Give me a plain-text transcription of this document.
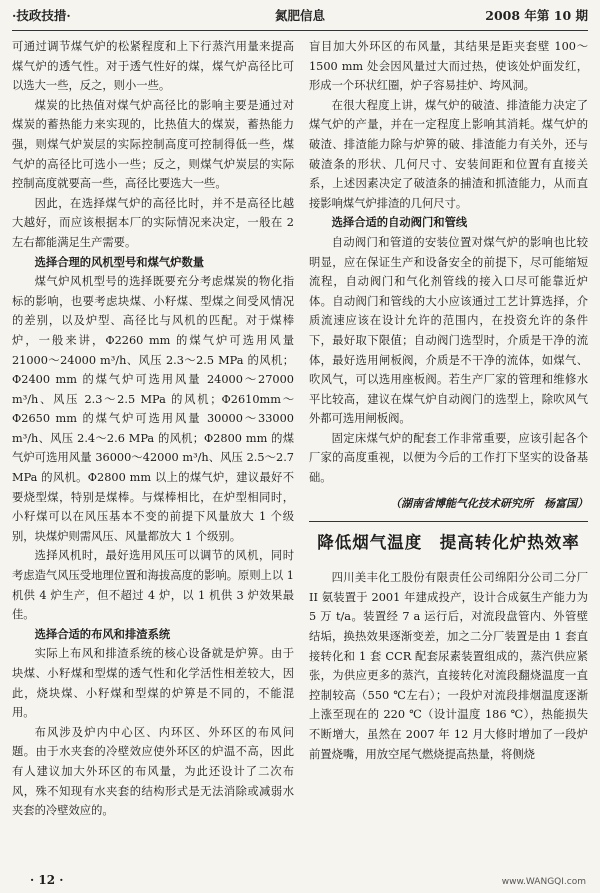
·技政技措·	氮肥信息	2008 年第 10 期

可通过调节煤气炉的松紧程度和上下行蒸汽用量来提高煤气炉的透气性。对于透气性好的煤，煤气炉高径比可以选大一些，反之，则小一些。

煤炭的比热值对煤气炉高径比的影响主要是通过对煤炭的蓄热能力来实现的，比热值大的煤炭，蓄热能力强，则煤气炉炭层的实际控制高度可控制得低一些，煤气炉的高径比可选小一些；反之，则煤气炉炭层的实际控制高度就要高一些，高径比要选大一些。

因此，在选择煤气炉的高径比时，并不是高径比越大越好，而应该根据本厂的实际情况来决定，一般在 2 左右都能满足生产需要。

选择合理的风机型号和煤气炉数量

煤气炉风机型号的选择既要充分考虑煤炭的物化指标的影响，也要考虑块煤、小籽煤、型煤之间受风情况的差别，以及炉型、高径比与风机的匹配。对于煤棒炉，一般来讲，Φ2260 mm 的煤气炉可选用风量 21000～24000 m³/h、风压 2.3～2.5 MPa 的风机；Φ2400 mm 的煤气炉可选用风量 24000～27000 m³/h、风压 2.3～2.5 MPa 的风机；Φ2610mm～Φ2650 mm 的煤气炉可选用风量 30000～33000 m³/h、风压 2.4～2.6 MPa 的风机；Φ2800 mm 的煤气炉可选用风量 36000～42000 m³/h、风压 2.5～2.7 MPa 的风机。Φ2800 mm 以上的煤气炉，建议最好不要烧型煤，特别是煤棒。与煤棒相比，在炉型相同时，小籽煤可以在风压基本不变的前提下风量放大 1 个级别，块煤炉则需风压、风量都放大 1 个级别。

选择风机时，最好选用风压可以调节的风机，同时考虑造气风压受地理位置和海拔高度的影响。原则上以 1 机供 4 炉生产，但不超过 4 炉，以 1 机供 3 炉效果最佳。

选择合适的布风和排渣系统

实际上布风和排渣系统的核心设备就是炉箅。由于块煤、小籽煤和型煤的透气性和化学活性相差较大，因此，烧块煤、小籽煤和型煤的炉箅是不同的，不能混用。

布风涉及炉内中心区、内环区、外环区的布风问题。由于水夹套的冷壁效应使外环区的炉温不高，因此有人建议加大外环区的布风量，为此还设计了二次布风，殊不知现有水夹套的结构形式是无法消除或减弱水夹套的冷壁效应的。

盲目加大外环区的布风量，其结果是距夹套壁 100～1500 mm 处会因风量过大而过热，使该处炉面发红，形成一个环状红圈，炉子容易挂炉、垮风洞。

在很大程度上讲，煤气炉的破渣、排渣能力决定了煤气炉的产量，并在一定程度上影响其消耗。煤气炉的破渣、排渣能力除与炉箅的破、排渣能力有关外，还与破渣条的形状、几何尺寸、安装间距和位置有直接关系，上述因素决定了破渣条的捕渣和抓渣能力，从而直接影响煤气炉排渣的几何尺寸。

选择合适的自动阀门和管线

自动阀门和管道的安装位置对煤气炉的影响也比较明显，应在保证生产和设备安全的前提下，尽可能缩短流程，自动阀门和气化剂管线的接入口尽可能靠近炉体。自动阀门和管线的大小应该通过工艺计算选择，介质流速应该在设计允许的范围内，在投资允许的条件下，最好取下限值；自动阀门选型时，介质是干净的流体，最好选用闸板阀，介质是不干净的流体，如煤气、吹风气，可以选用座板阀。若生产厂家的管理和维修水平比较高，建议在煤气炉自动阀门的选型上，除吹风气外都可选用闸板阀。

固定床煤气炉的配套工作非常重要，应该引起各个厂家的高度重视，以便为今后的工作打下坚实的设备基础。

（湖南省博能气化技术研究所　杨富国）
降低烟气温度　提高转化炉热效率

四川美丰化工股份有限责任公司绵阳分公司二分厂 II 氨装置于 2001 年建成投产，设计合成氨生产能力为 5 万 t/a。装置经 7 a 运行后，对流段盘管内、外管壁结垢，换热效果逐渐变差，加之二分厂装置是由 1 套直接转化和 1 套 CCR 配套尿素装置组成的，蒸汽供应紧张，为供应更多的蒸汽，直接转化对流段翻烧温度一直控制较高（550 ℃左右）；一段炉对流段排烟温度逐渐上涨至现在的 220 ℃（设计温度 186 ℃），热能损失不断增大，虽然在 2007 年 12 月大修时增加了一段炉前置烧嘴，用放空尾气燃烧提高热量，将侧烧

· 12 ·	www.WANGQI.com
